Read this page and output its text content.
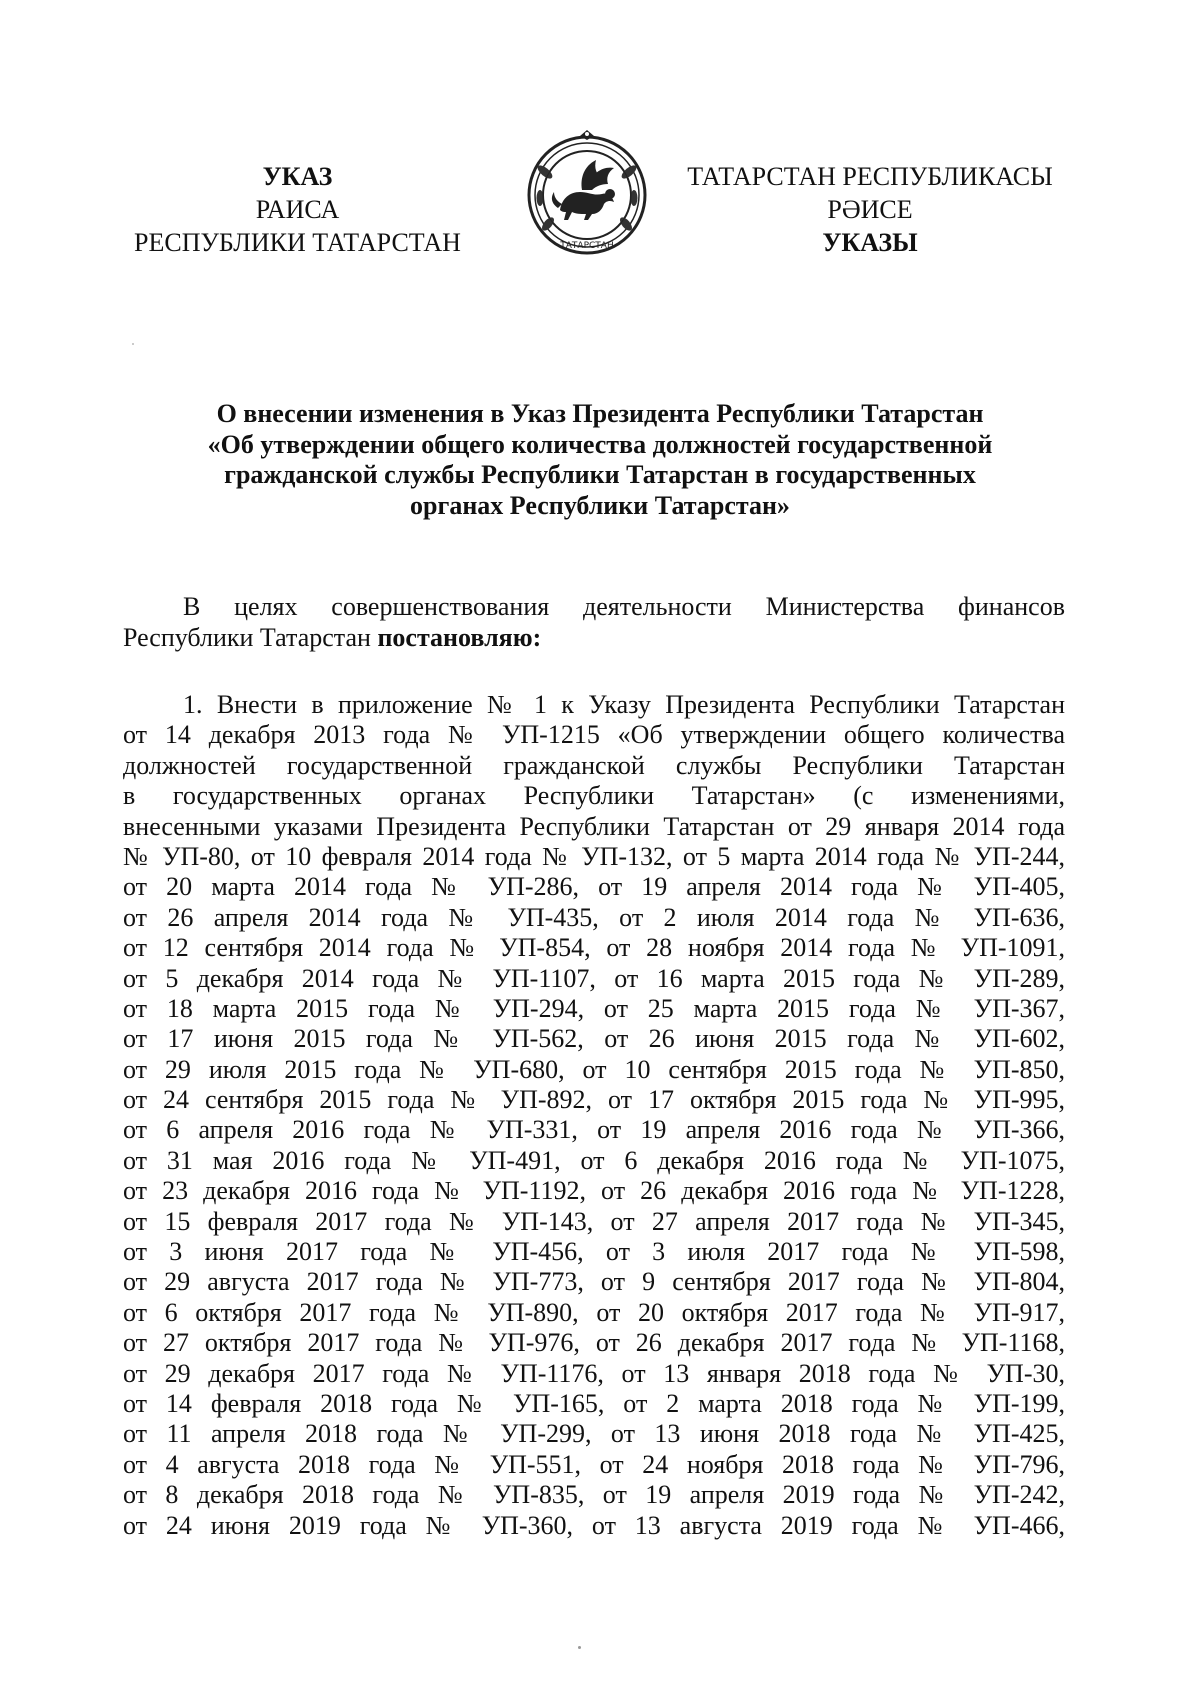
УКАЗ
РАИСА
РЕСПУБЛИКИ ТАТАРСТАН
ТАТАРСТАН РЕСПУБЛИКАСЫ
РӘИСЕ
УКАЗЫ
ТАТАРСТАН
О внесении изменения в Указ Президента Республики Татарстан
«Об утверждении общего количества должностей государственной
гражданской службы Республики Татарстан в государственных
органах Республики Татарстан»
В целях совершенствования деятельности Министерства финансов
Республики Татарстан постановляю:
1. Внести в приложение № 1 к Указу Президента Республики Татарстан
от 14 декабря 2013 года № УП-1215 «Об утверждении общего количества
должностей государственной гражданской службы Республики Татарстан
в государственных органах Республики Татарстан» (с изменениями,
внесенными указами Президента Республики Татарстан от 29 января 2014 года
№ УП-80, от 10 февраля 2014 года № УП-132, от 5 марта 2014 года № УП-244,
от 20 марта 2014 года № УП-286, от 19 апреля 2014 года № УП-405,
от 26 апреля 2014 года № УП-435, от 2 июля 2014 года № УП-636,
от 12 сентября 2014 года № УП-854, от 28 ноября 2014 года № УП-1091,
от 5 декабря 2014 года № УП-1107, от 16 марта 2015 года № УП-289,
от 18 марта 2015 года № УП-294, от 25 марта 2015 года № УП-367,
от 17 июня 2015 года № УП-562, от 26 июня 2015 года № УП-602,
от 29 июля 2015 года № УП-680, от 10 сентября 2015 года № УП-850,
от 24 сентября 2015 года № УП-892, от 17 октября 2015 года № УП-995,
от 6 апреля 2016 года № УП-331, от 19 апреля 2016 года № УП-366,
от 31 мая 2016 года № УП-491, от 6 декабря 2016 года № УП-1075,
от 23 декабря 2016 года № УП-1192, от 26 декабря 2016 года № УП-1228,
от 15 февраля 2017 года № УП-143, от 27 апреля 2017 года № УП-345,
от 3 июня 2017 года № УП-456, от 3 июля 2017 года № УП-598,
от 29 августа 2017 года № УП-773, от 9 сентября 2017 года № УП-804,
от 6 октября 2017 года № УП-890, от 20 октября 2017 года № УП-917,
от 27 октября 2017 года № УП-976, от 26 декабря 2017 года № УП-1168,
от 29 декабря 2017 года № УП-1176, от 13 января 2018 года № УП-30,
от 14 февраля 2018 года № УП-165, от 2 марта 2018 года № УП-199,
от 11 апреля 2018 года № УП-299, от 13 июня 2018 года № УП-425,
от 4 августа 2018 года № УП-551, от 24 ноября 2018 года № УП-796,
от 8 декабря 2018 года № УП-835, от 19 апреля 2019 года № УП-242,
от 24 июня 2019 года № УП-360, от 13 августа 2019 года № УП-466,
